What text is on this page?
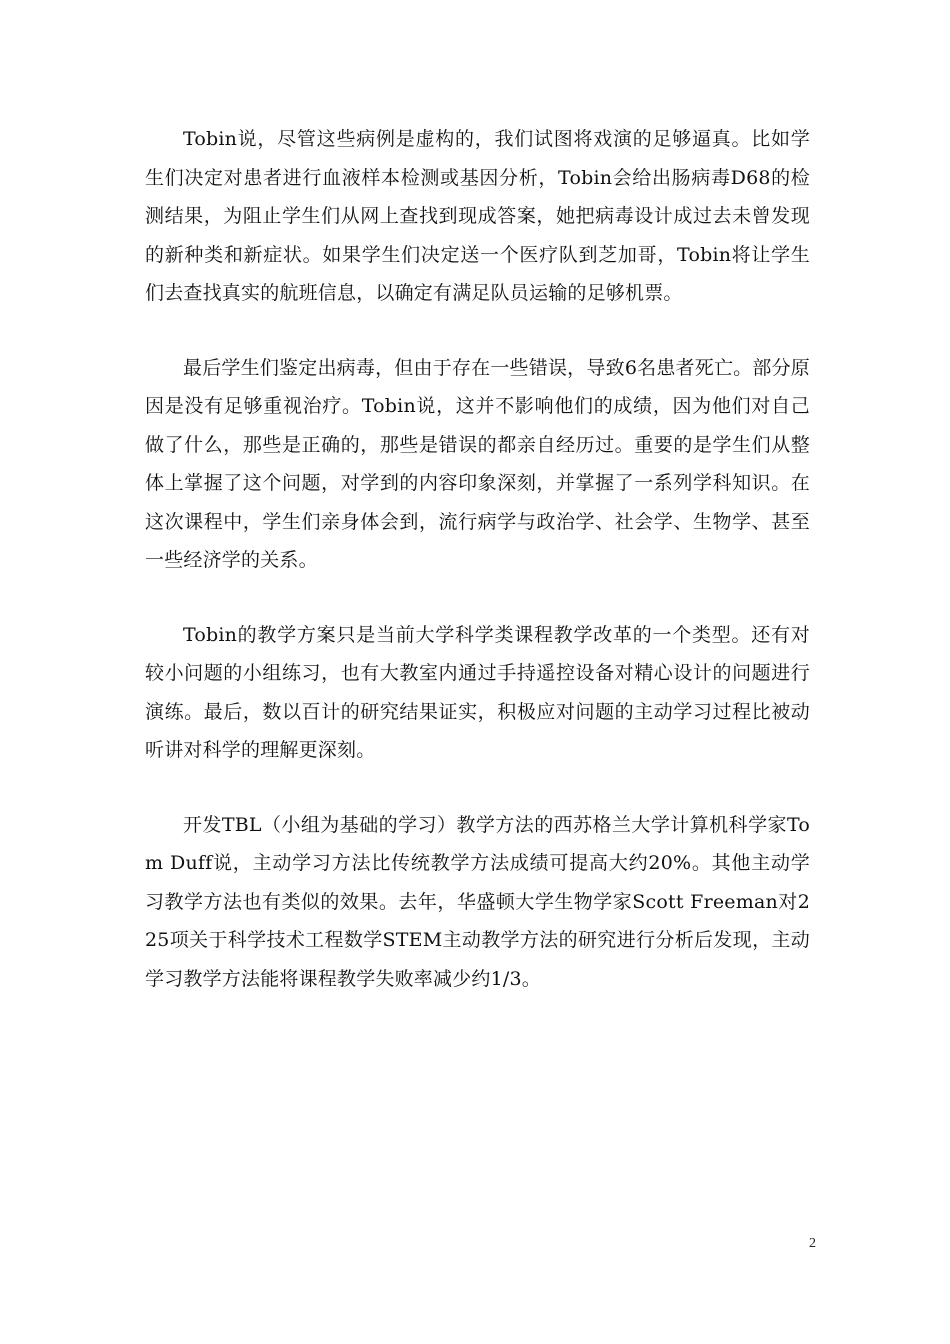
Tobin说，尽管这些病例是虚构的，我们试图将戏演的足够逼真。比如学生们决定对患者进行血液样本检测或基因分析，Tobin会给出肠病毒D68的检测结果，为阻止学生们从网上查找到现成答案，她把病毒设计成过去未曾发现的新种类和新症状。如果学生们决定送一个医疗队到芝加哥，Tobin将让学生们去查找真实的航班信息，以确定有满足队员运输的足够机票。

最后学生们鉴定出病毒，但由于存在一些错误，导致6名患者死亡。部分原因是没有足够重视治疗。Tobin说，这并不影响他们的成绩，因为他们对自己做了什么，那些是正确的，那些是错误的都亲自经历过。重要的是学生们从整体上掌握了这个问题，对学到的内容印象深刻，并掌握了一系列学科知识。在这次课程中，学生们亲身体会到，流行病学与政治学、社会学、生物学、甚至一些经济学的关系。

Tobin的教学方案只是当前大学科学类课程教学改革的一个类型。还有对较小问题的小组练习，也有大教室内通过手持遥控设备对精心设计的问题进行演练。最后，数以百计的研究结果证实，积极应对问题的主动学习过程比被动听讲对科学的理解更深刻。

开发TBL（小组为基础的学习）教学方法的西苏格兰大学计算机科学家Tom Duff说，主动学习方法比传统教学方法成绩可提高大约20%。其他主动学习教学方法也有类似的效果。去年，华盛顿大学生物学家Scott Freeman对225项关于科学技术工程数学STEM主动教学方法的研究进行分析后发现，主动学习教学方法能将课程教学失败率减少约1/3。

2
